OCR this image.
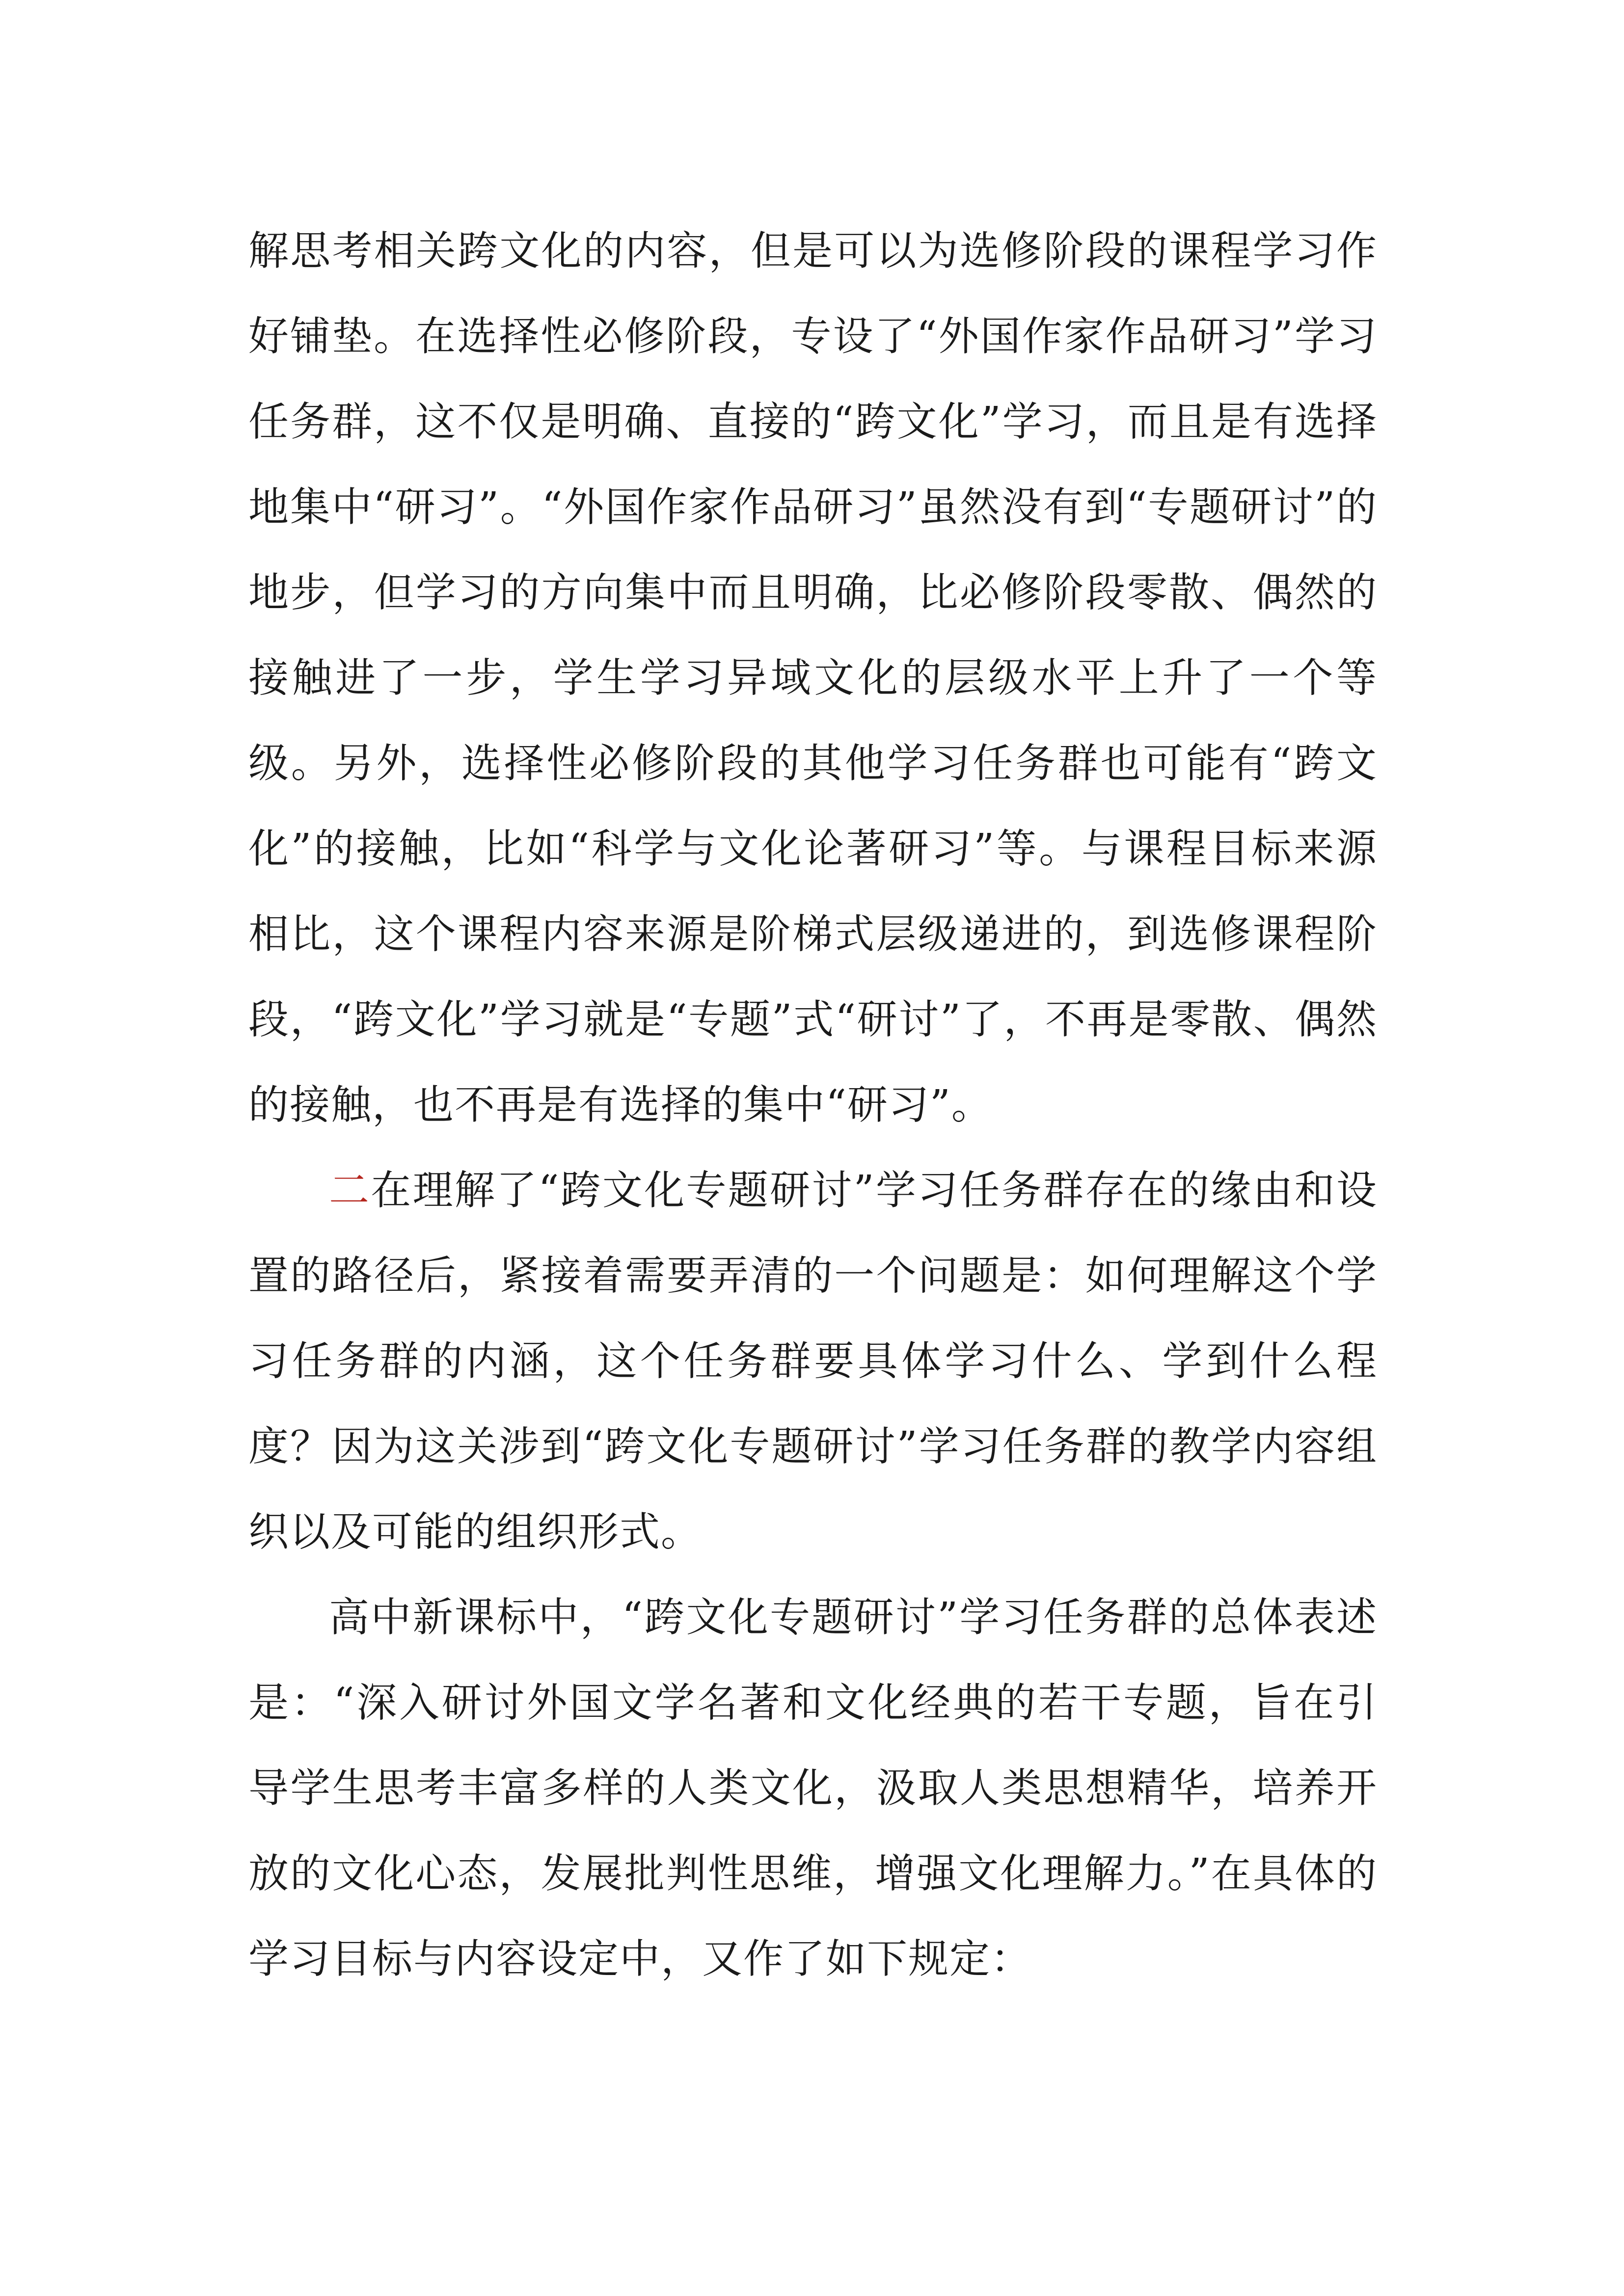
解思考相关跨文化的内容，但是可以为选修阶段的课程学习作好铺垫。在选择性必修阶段，专设了“外国作家作品研习”学习任务群，这不仅是明确、直接的“跨文化”学习，而且是有选择地集中“研习”。“外国作家作品研习”虽然没有到“专题研讨”的地步，但学习的方向集中而且明确，比必修阶段零散、偶然的接触进了一步，学生学习异域文化的层级水平上升了一个等级。另外，选择性必修阶段的其他学习任务群也可能有“跨文化”的接触，比如“科学与文化论著研习”等。与课程目标来源相比，这个课程内容来源是阶梯式层级递进的，到选修课程阶段，“跨文化”学习就是“专题”式“研讨”了，不再是零散、偶然的接触，也不再是有选择的集中“研习”。

二在理解了“跨文化专题研讨”学习任务群存在的缘由和设置的路径后，紧接着需要弄清的一个问题是：如何理解这个学习任务群的内涵，这个任务群要具体学习什么、学到什么程度？因为这关涉到“跨文化专题研讨”学习任务群的教学内容组织以及可能的组织形式。

高中新课标中，“跨文化专题研讨”学习任务群的总体表述是：“深入研讨外国文学名著和文化经典的若干专题，旨在引导学生思考丰富多样的人类文化，汲取人类思想精华，培养开放的文化心态，发展批判性思维，增强文化理解力。”在具体的学习目标与内容设定中，又作了如下规定：
